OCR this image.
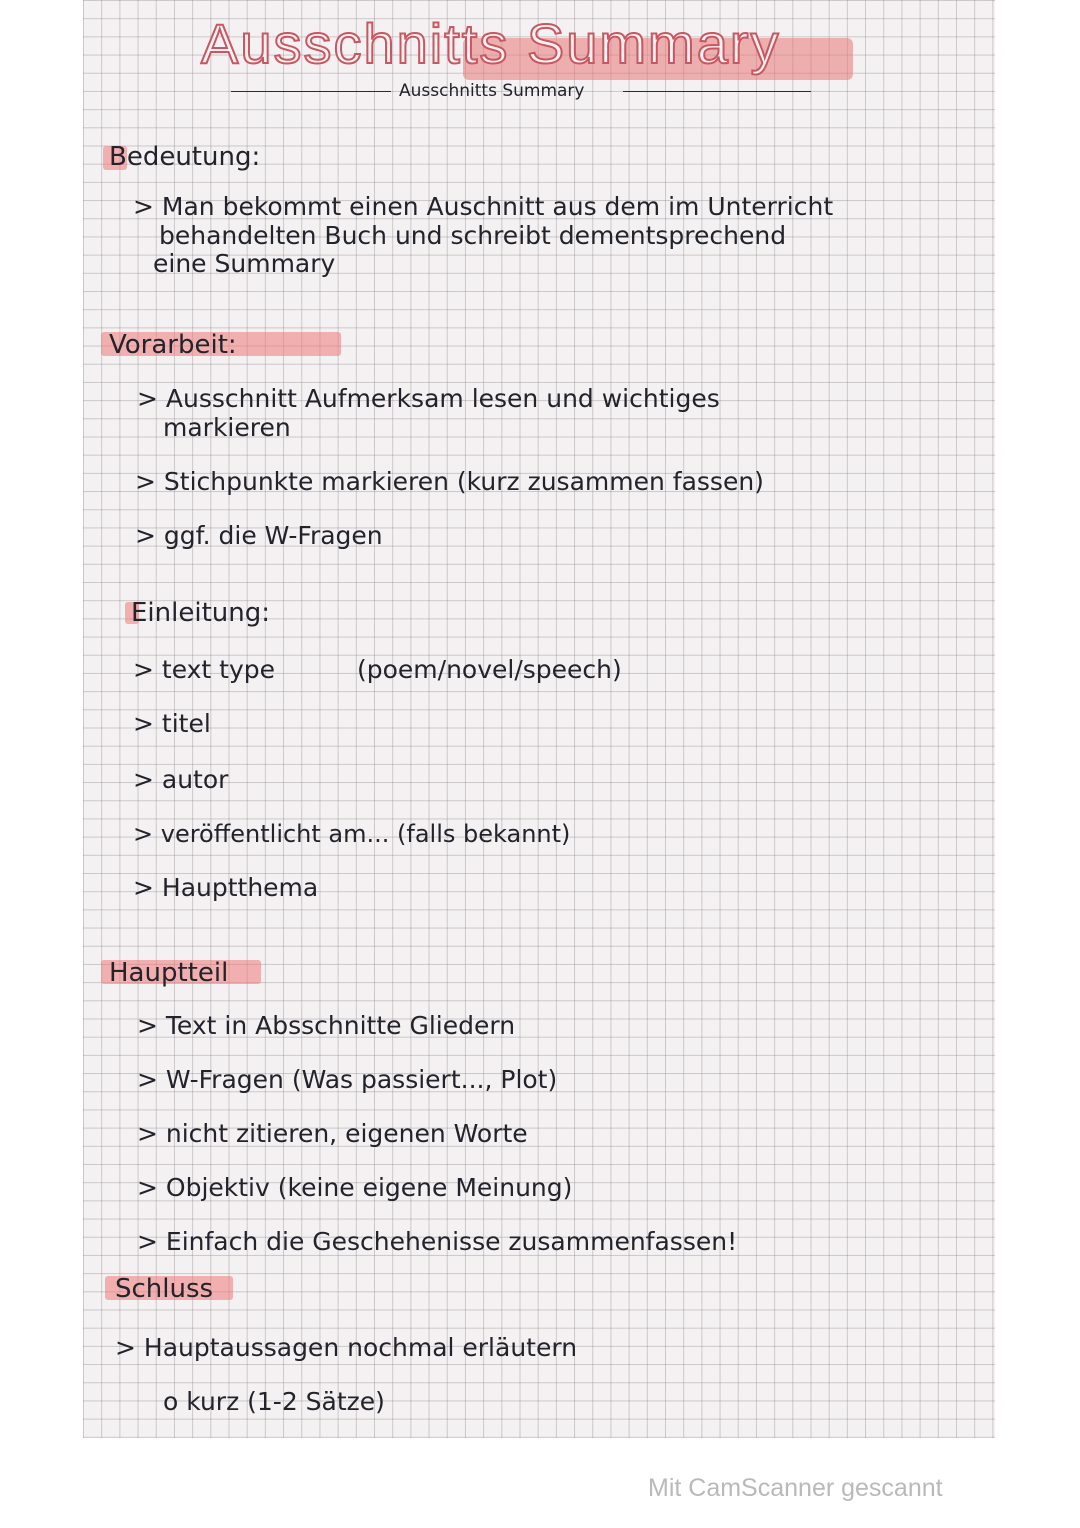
Ausschnitts Summary
Ausschnitts Summary
Bedeutung:
> Man bekommt einen Auschnitt aus dem im Unterricht
behandelten Buch und schreibt dementsprechend
eine Summary
Vorarbeit:
> Ausschnitt Aufmerksam lesen und wichtiges
markieren
> Stichpunkte markieren (kurz zusammen fassen)
> ggf. die W-Fragen
Einleitung:
> text type	(poem/novel/speech)
> titel
> autor
> veröffentlicht am... (falls bekannt)
> Hauptthema
Hauptteil
> Text in Absschnitte Gliedern
> W-Fragen (Was passiert..., Plot)
> nicht zitieren, eigenen Worte
> Objektiv (keine eigene Meinung)
> Einfach die Geschehenisse zusammenfassen!
Schluss
> Hauptaussagen nochmal erläutern
o kurz (1-2 Sätze)
Mit CamScanner gescannt
